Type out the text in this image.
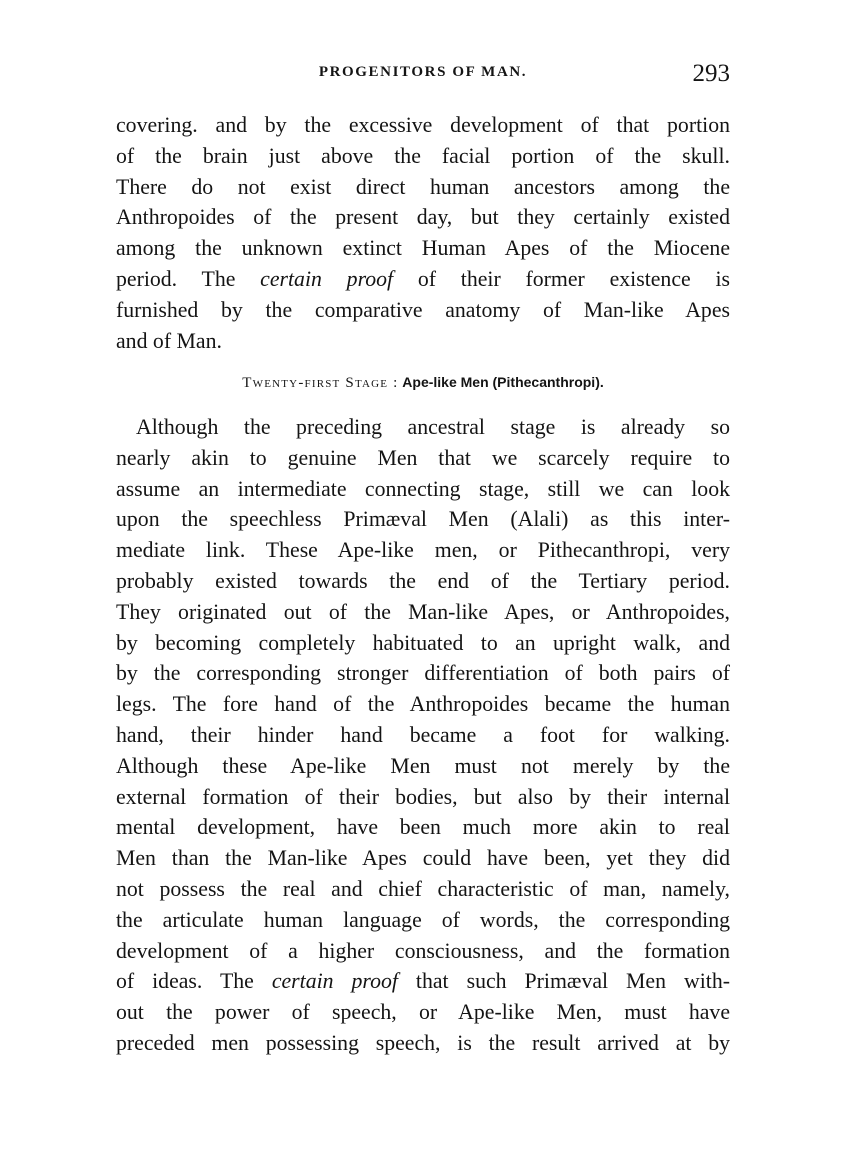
PROGENITORS OF MAN.	293
covering. and by the excessive development of that portion
of the brain just above the facial portion of the skull.
There do not exist direct human ancestors among the
Anthropoides of the present day, but they certainly existed
among the unknown extinct Human Apes of the Miocene
period. The certain proof of their former existence is
furnished by the comparative anatomy of Man-like Apes
and of Man.
Twenty-first Stage : Ape-like Men (Pithecanthropi).
Although the preceding ancestral stage is already so
nearly akin to genuine Men that we scarcely require to
assume an intermediate connecting stage, still we can look
upon the speechless Primæval Men (Alali) as this inter-
mediate link. These Ape-like men, or Pithecanthropi, very
probably existed towards the end of the Tertiary period.
They originated out of the Man-like Apes, or Anthropoides,
by becoming completely habituated to an upright walk, and
by the corresponding stronger differentiation of both pairs of
legs. The fore hand of the Anthropoides became the human
hand, their hinder hand became a foot for walking.
Although these Ape-like Men must not merely by the
external formation of their bodies, but also by their internal
mental development, have been much more akin to real
Men than the Man-like Apes could have been, yet they did
not possess the real and chief characteristic of man, namely,
the articulate human language of words, the corresponding
development of a higher consciousness, and the formation
of ideas. The certain proof that such Primæval Men with-
out the power of speech, or Ape-like Men, must have
preceded men possessing speech, is the result arrived at by
